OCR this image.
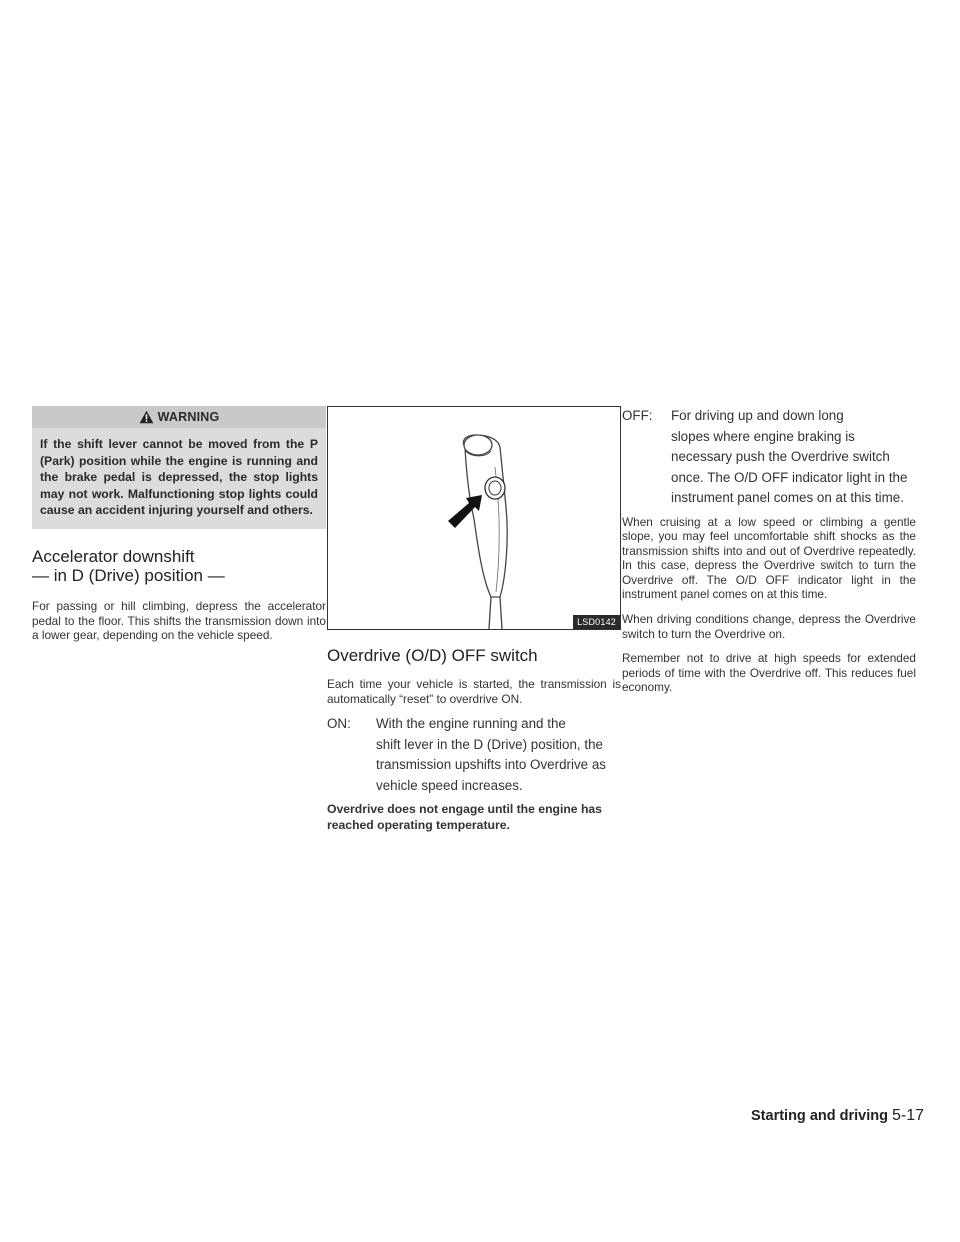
WARNING
If the shift lever cannot be moved from the P (Park) position while the engine is running and the brake pedal is depressed, the stop lights may not work. Malfunctioning stop lights could cause an accident injuring yourself and others.
Accelerator downshift
— in D (Drive) position —

For passing or hill climbing, depress the accelerator pedal to the floor. This shifts the transmission down into a lower gear, depending on the vehicle speed.

LSD0142
Overdrive (O/D) OFF switch

Each time your vehicle is started, the transmission is automatically “reset” to overdrive ON.

ON:	With the engine running and the
shift lever in the D (Drive) position, the transmission upshifts into Overdrive as vehicle speed increases.

Overdrive does not engage until the engine has reached operating temperature.

OFF:	For driving up and down long
slopes where engine braking is necessary push the Overdrive switch once. The O/D OFF indicator light in the instrument panel comes on at this time.

When cruising at a low speed or climbing a gentle slope, you may feel uncomfortable shift shocks as the transmission shifts into and out of Overdrive repeatedly. In this case, depress the Overdrive switch to turn the Overdrive off. The O/D OFF indicator light in the instrument panel comes on at this time.

When driving conditions change, depress the Overdrive switch to turn the Overdrive on.

Remember not to drive at high speeds for extended periods of time with the Overdrive off. This reduces fuel economy.

Starting and driving 5-17
